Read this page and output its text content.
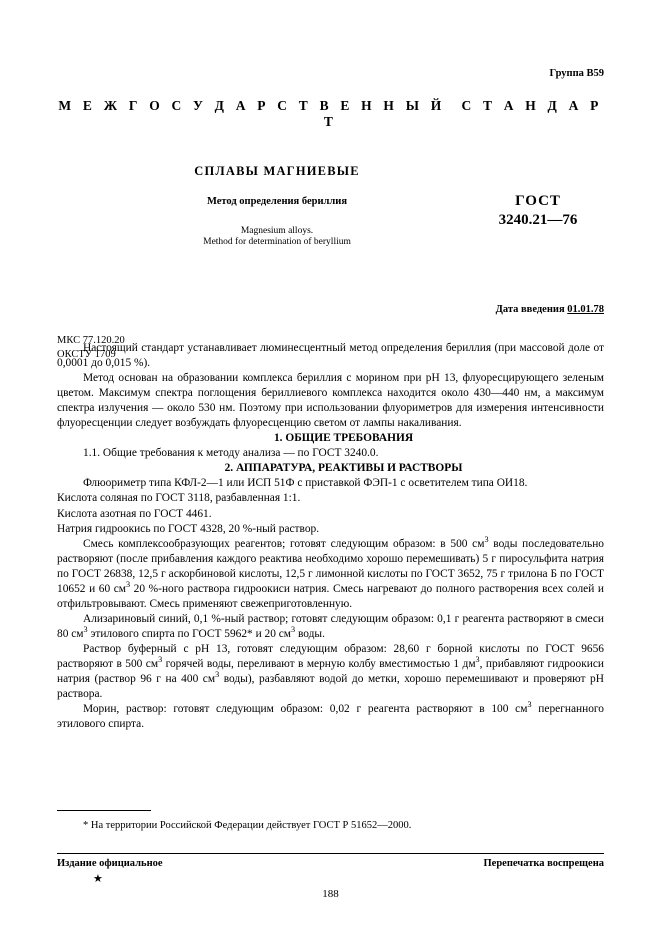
Группа В59
М Е Ж Г О С У Д А Р С Т В Е Н Н Ы Й С Т А Н Д А Р Т
СПЛАВЫ МАГНИЕВЫЕ
Метод определения бериллия
Magnesium alloys.
Method for determination of beryllium
ГОСТ
3240.21—76
МКС 77.120.20
ОКСТУ 1709
Дата введения 01.01.78

Настоящий стандарт устанавливает люминесцентный метод определения бериллия (при массовой доле от 0,0001 до 0,015 %).

Метод основан на образовании комплекса бериллия с морином при рН 13, флуоресцирующего зеленым цветом. Максимум спектра поглощения бериллиевого комплекса находится около 430—440 нм, а максимум спектра излучения — около 530 нм. Поэтому при использовании флуориметров для измерения интенсивности флуоресценции следует возбуждать флуоресценцию светом от лампы накаливания.

1. ОБЩИЕ ТРЕБОВАНИЯ

1.1. Общие требования к методу анализа — по ГОСТ 3240.0.

2. АППАРАТУРА, РЕАКТИВЫ И РАСТВОРЫ

Флюориметр типа КФЛ-2—1 или ИСП 51Ф с приставкой ФЭП-1 с осветителем типа ОИ18.

Кислота соляная по ГОСТ 3118, разбавленная 1:1.

Кислота азотная по ГОСТ 4461.

Натрия гидроокись по ГОСТ 4328, 20 %-ный раствор.

Смесь комплексообразующих реагентов; готовят следующим образом: в 500 $см^3$ воды последовательно растворяют (после прибавления каждого реактива необходимо хорошо перемешивать) 5 г пиросульфита натрия по ГОСТ 26838, 12,5 г аскорбиновой кислоты, 12,5 г лимонной кислоты по ГОСТ 3652, 75 г трилона Б по ГОСТ 10652 и 60 $см^3$ 20 %-ного раствора гидроокиси натрия. Смесь нагревают до полного растворения всех солей и отфильтровывают. Смесь применяют свежеприготовленную.

Ализариновый синий, 0,1 %-ный раствор; готовят следующим образом: 0,1 г реагента растворяют в смеси 80 $см^3$ этилового спирта по ГОСТ 5962* и 20 $см^3$ воды.

Раствор буферный с рН 13, готовят следующим образом: 28,60 г борной кислоты по ГОСТ 9656 растворяют в 500 $см^3$ горячей воды, переливают в мерную колбу вместимостью 1 $дм^3$, прибавляют гидроокиси натрия (раствор 96 г на 400 $см^3$ воды), разбавляют водой до метки, хорошо перемешивают и проверяют рН раствора.

Морин, раствор: готовят следующим образом: 0,02 г реагента растворяют в 100 $см^3$ перегнанного этилового спирта.

* На территории Российской Федерации действует ГОСТ Р 51652—2000.
Издание официальное	Перепечатка воспрещена
★
188
